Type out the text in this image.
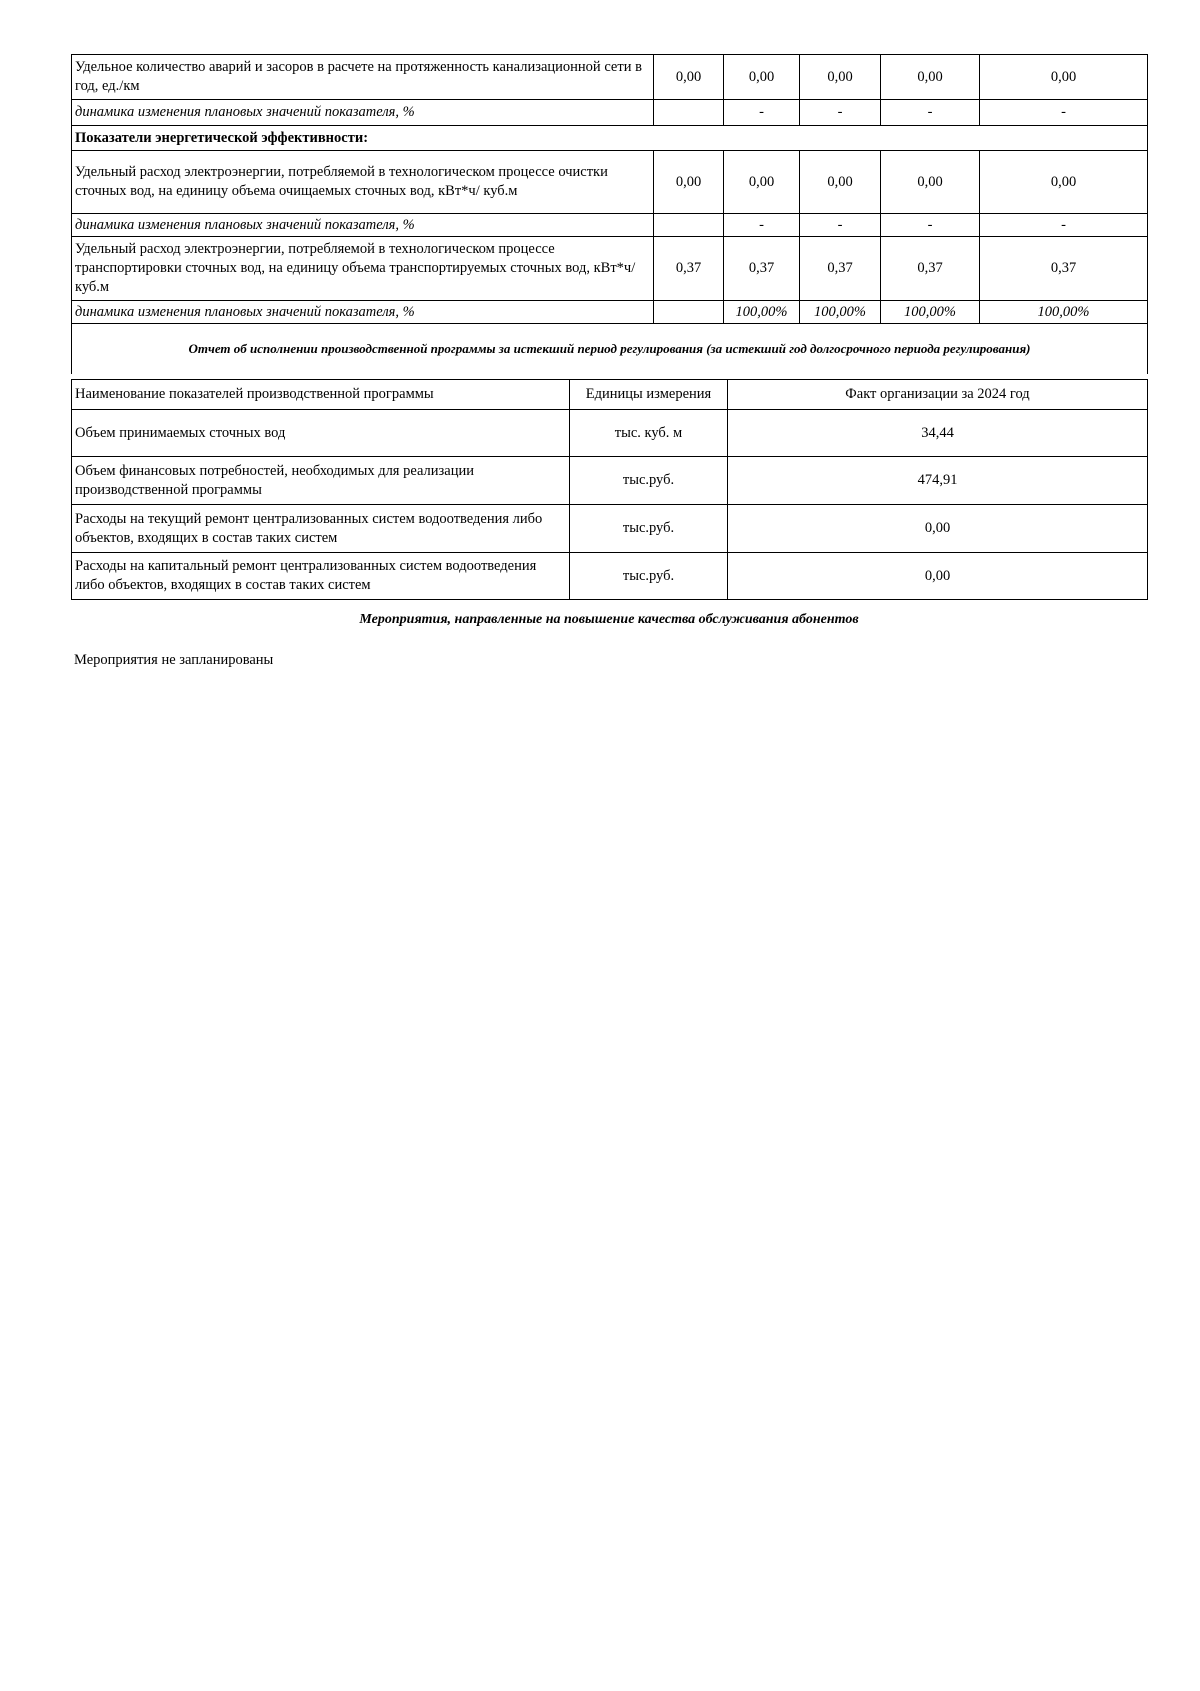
Удельное количество аварий и засоров в расчете на протяженность канализационной сети в год, ед./км	0,00	0,00	0,00	0,00	0,00
динамика изменения плановых значений показателя, %		-	-	-	-
Показатели энергетической эффективности:					
Удельный расход электроэнергии, потребляемой в технологическом процессе очистки сточных вод, на единицу объема очищаемых сточных вод, кВт*ч/ куб.м	0,00	0,00	0,00	0,00	0,00
динамика изменения плановых значений показателя, %		-	-	-	-
Удельный расход электроэнергии, потребляемой в технологическом процессе транспортировки сточных вод, на единицу объема транспортируемых сточных вод, кВт*ч/ куб.м	0,37	0,37	0,37	0,37	0,37
динамика изменения плановых значений показателя, %		100,00%	100,00%	100,00%	100,00%
Отчет об исполнении производственной программы за истекший период регулирования (за истекший год долгосрочного периода регулирования)					
Наименование показателей производственной программы	Единицы измерения	Факт организации за 2024 год
Объем принимаемых сточных вод	тыс. куб. м	34,44
Объем финансовых потребностей, необходимых для реализации производственной программы	тыс.руб.	474,91
Расходы на текущий ремонт централизованных систем водоотведения либо объектов, входящих в состав таких систем	тыс.руб.	0,00
Расходы на капитальный ремонт централизованных систем водоотведения либо объектов, входящих в состав таких систем	тыс.руб.	0,00
Мероприятия, направленные на повышение качества обслуживания абонентов
Мероприятия не запланированы
